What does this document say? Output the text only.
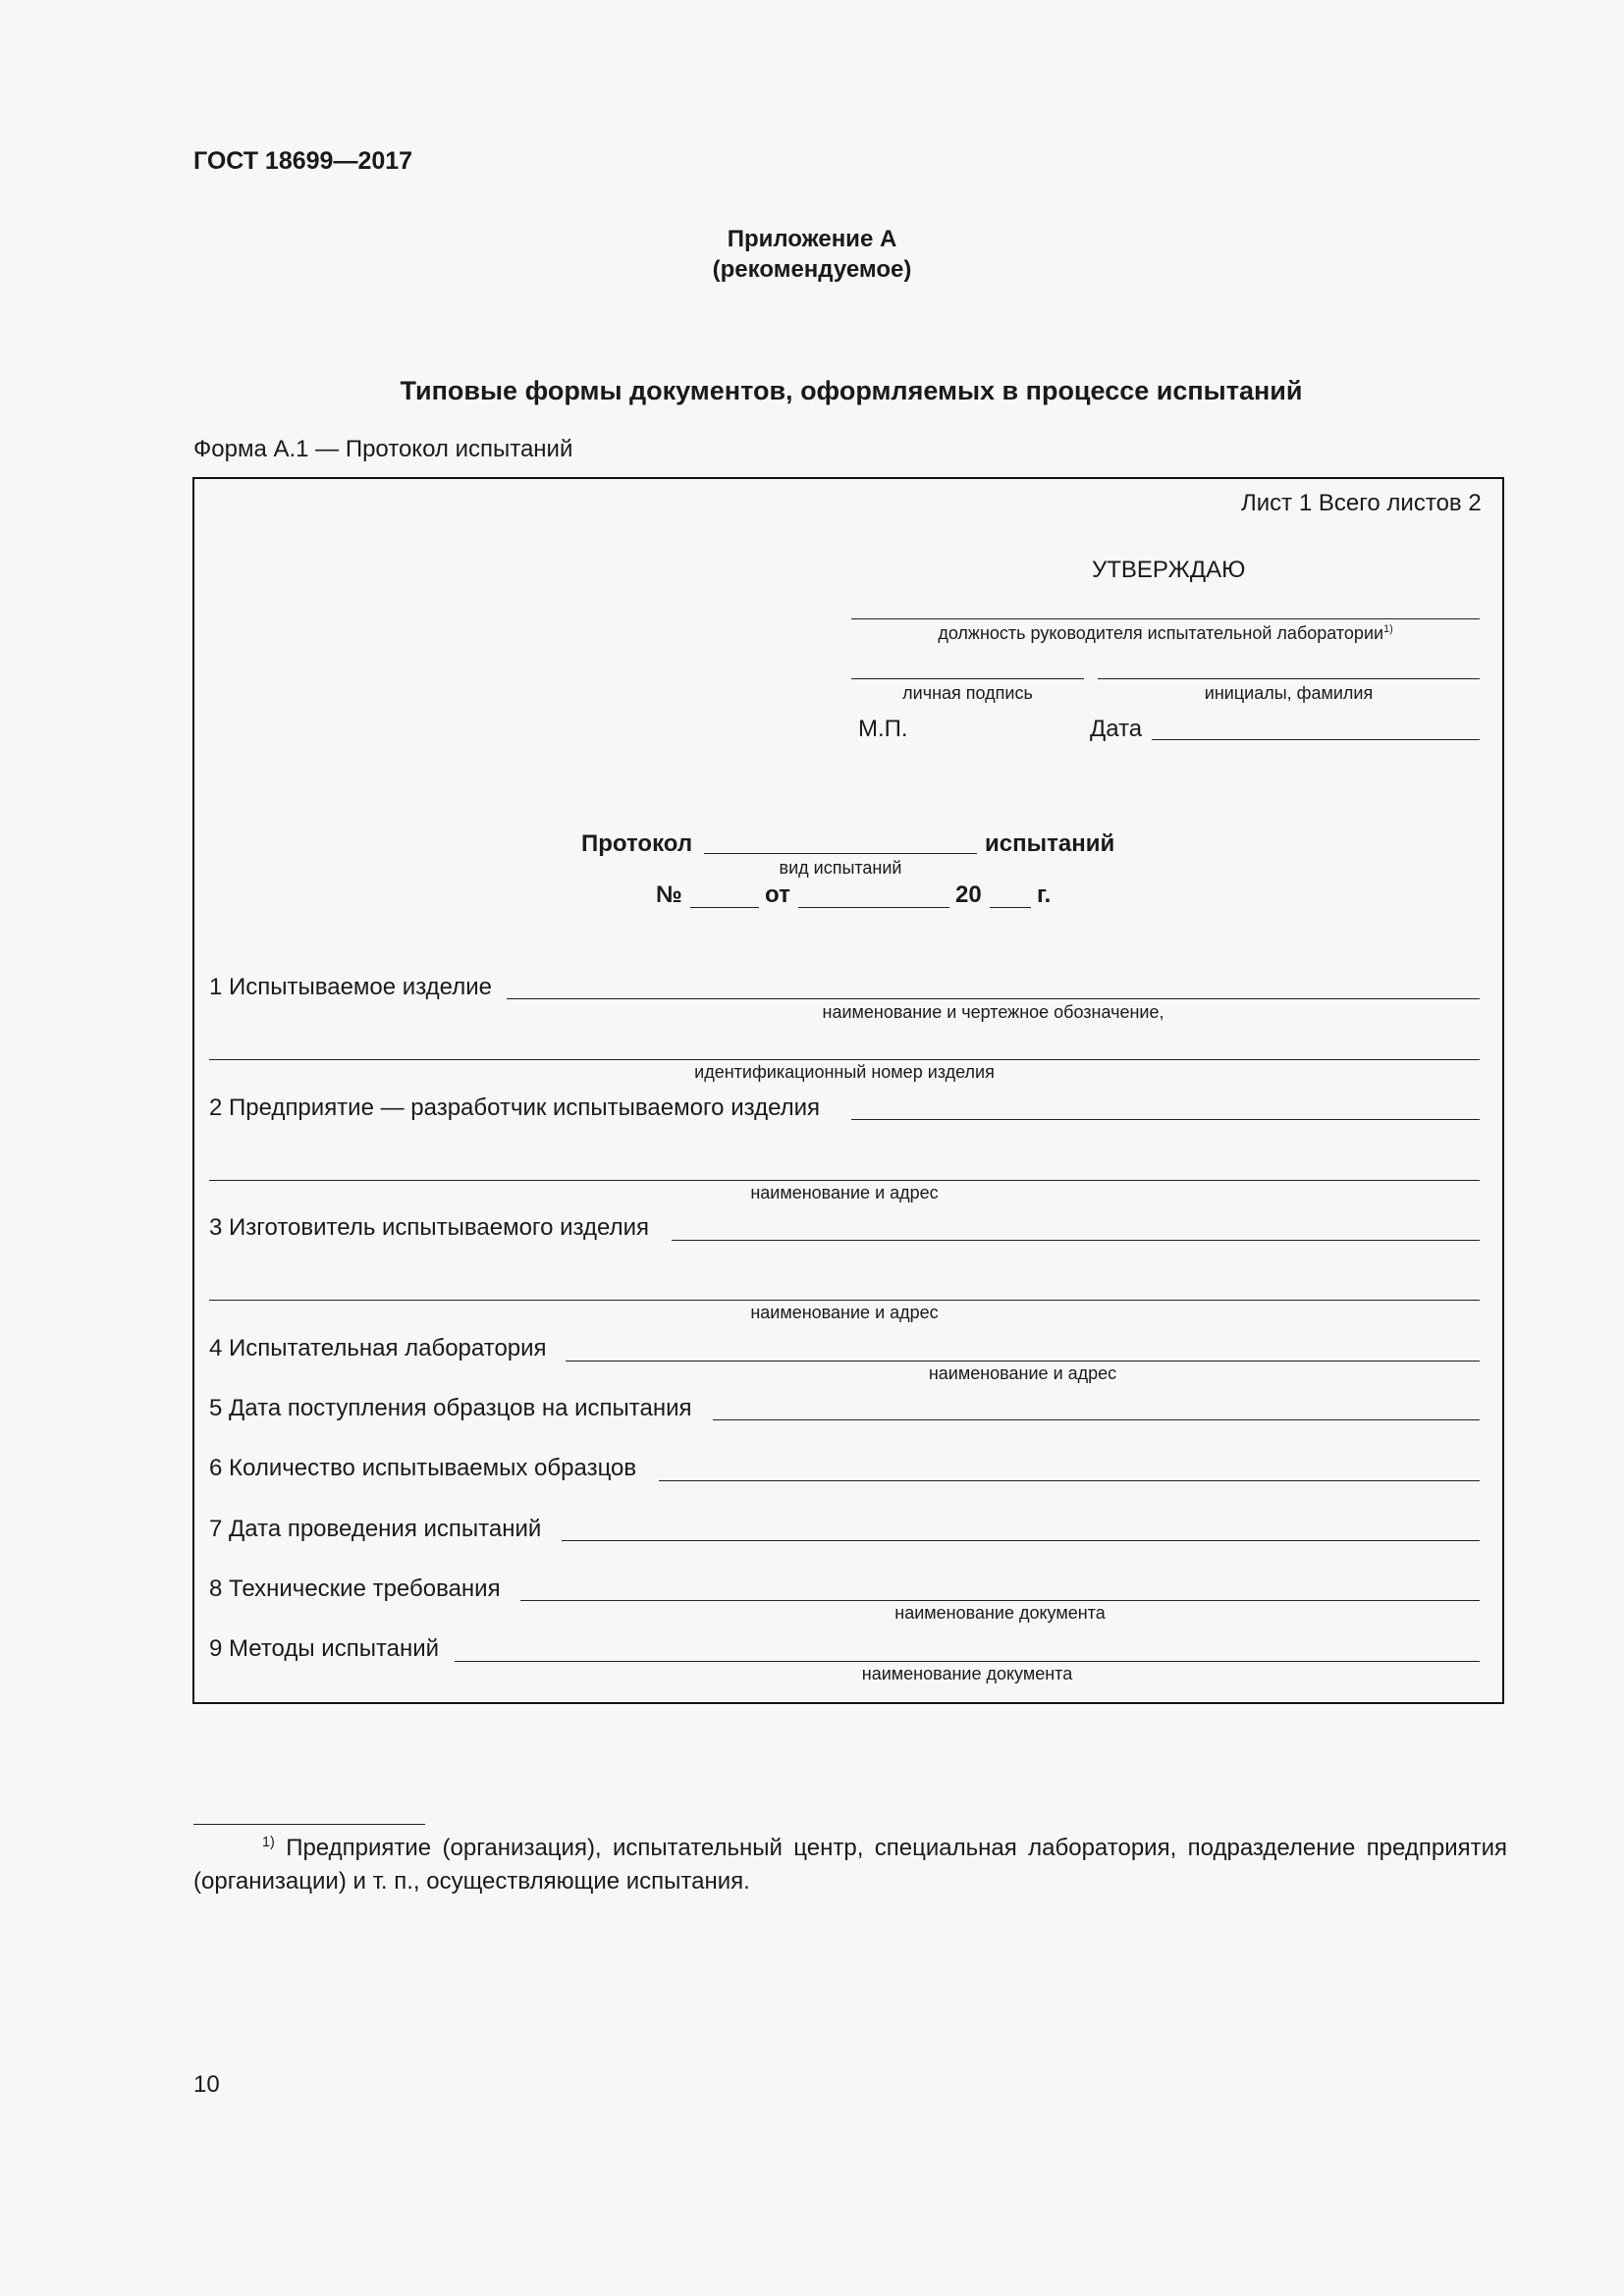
ГОСТ 18699—2017
Приложение А
(рекомендуемое)
Типовые формы документов, оформляемых в процессе испытаний
Форма А.1 — Протокол испытаний
Лист 1 Всего листов 2
УТВЕРЖДАЮ
должность руководителя испытательной лаборатории$^{1)}$
личная подпись	инициалы, фамилия
М.П.	Дата
Протокол	испытаний
вид испытаний
№	от	20 г.
1 Испытываемое изделие
наименование и чертежное обозначение,
идентификационный номер изделия
2 Предприятие — разработчик испытываемого изделия
наименование и адрес
3 Изготовитель испытываемого изделия
наименование и адрес
4 Испытательная лаборатория
наименование и адрес
5 Дата поступления образцов на испытания
6 Количество испытываемых образцов
7 Дата проведения испытаний
8 Технические требования
наименование документа
9 Методы испытаний
наименование документа
$^{1)}$ Предприятие (организация), испытательный центр, специальная лаборатория, подразделение предприятия (организации) и т. п., осуществляющие испытания.
10
